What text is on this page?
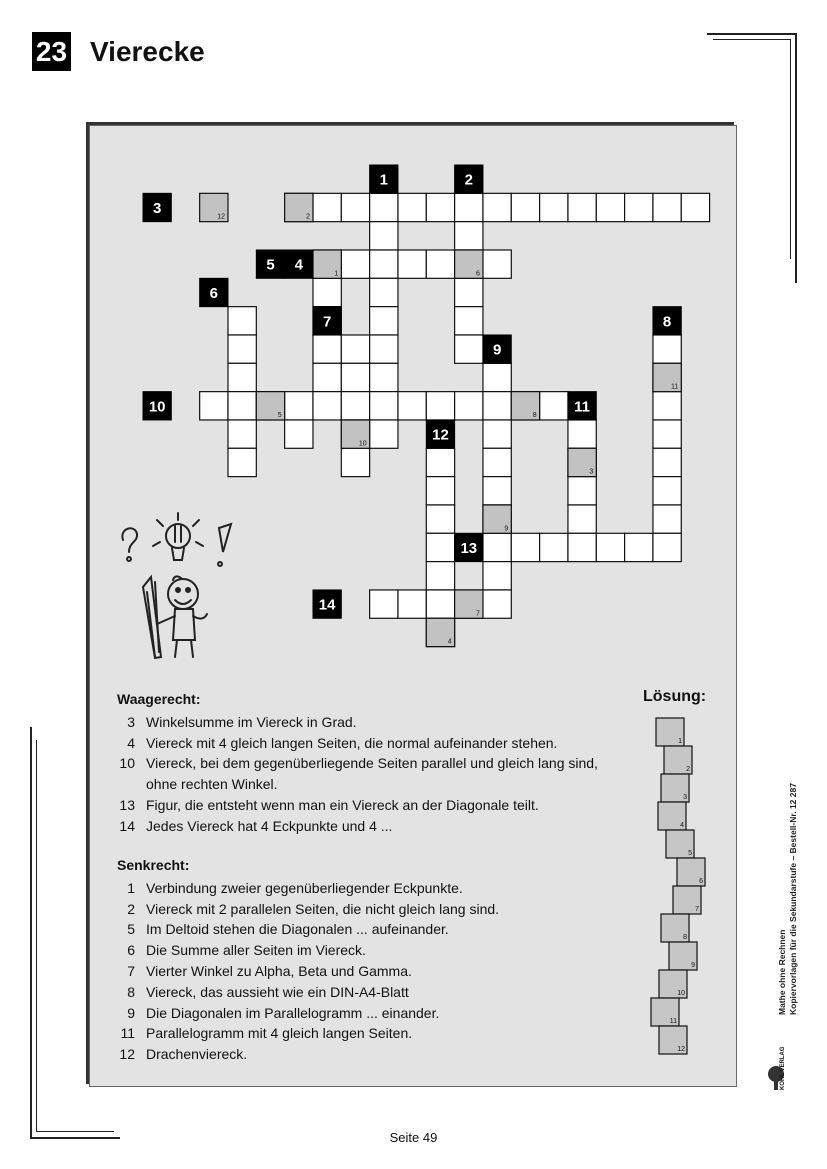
23 Vierecke
12	2
1	6
11
5	8
10
3
9
7
4
1	2
3
5 4
6
7	8
9
10	11
12
13
14
Waagerecht:
3 Winkelsumme im Viereck in Grad.
4 Viereck mit 4 gleich langen Seiten, die normal aufeinander stehen.
10 Viereck, bei dem gegenüberliegende Seiten parallel und gleich lang sind, ohne rechten Winkel.
13 Figur, die entsteht wenn man ein Viereck an der Diagonale teilt.
14 Jedes Viereck hat 4 Eckpunkte und 4 ...
Senkrecht:
1 Verbindung zweier gegenüberliegender Eckpunkte.
2 Viereck mit 2 parallelen Seiten, die nicht gleich lang sind.
5 Im Deltoid stehen die Diagonalen ... aufeinander.
6 Die Summe aller Seiten im Viereck.
7 Vierter Winkel zu Alpha, Beta und Gamma.
8 Viereck, das aussieht wie ein DIN-A4-Blatt
9 Die Diagonalen im Parallelogramm ... einander.
11 Parallelogramm mit 4 gleich langen Seiten.
12 Drachenviereck.
Lösung:
1
2
3
4
5
6
7
8
9
10
11
12
Mathe ohne Rechnen Kopiervorlagen für die Sekundarstufe – Bestell-Nr. 12 287
KOHL VERLAG
Seite 49
